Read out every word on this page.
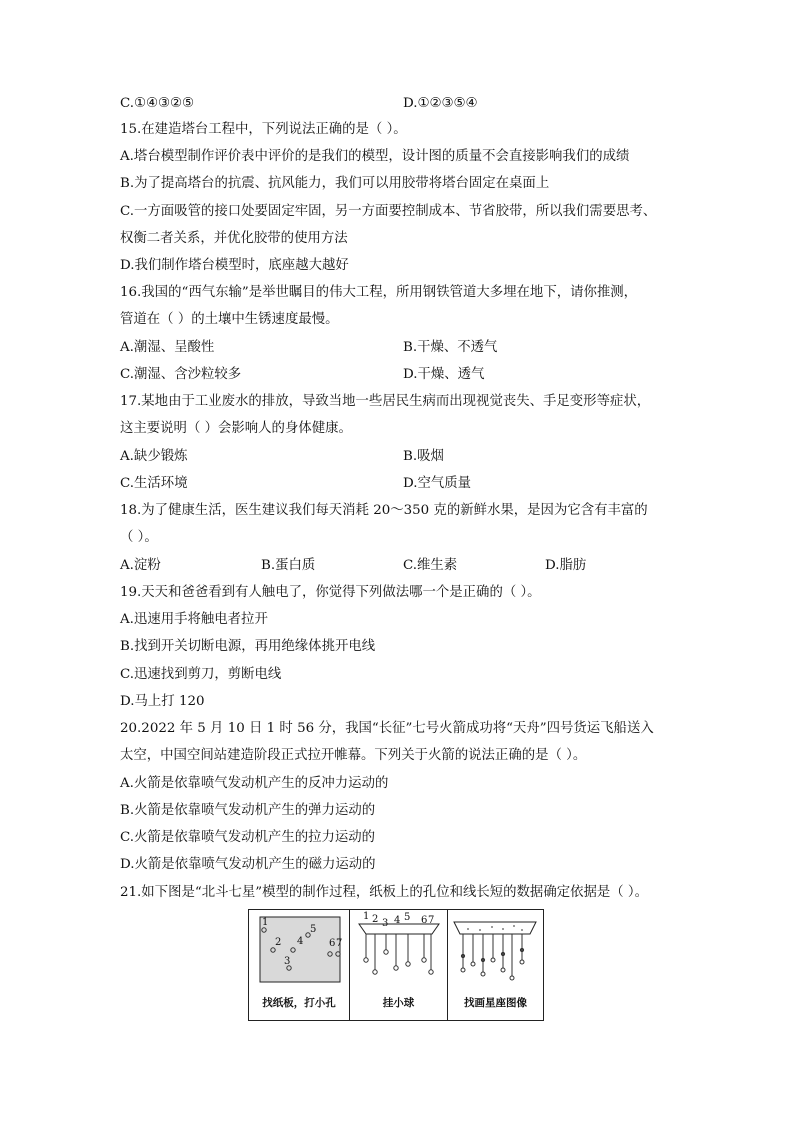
C.①④③②⑤	D.①②③⑤④
15.在建造塔台工程中，下列说法正确的是（ ）。
A.塔台模型制作评价表中评价的是我们的模型，设计图的质量不会直接影响我们的成绩
B.为了提高塔台的抗震、抗风能力，我们可以用胶带将塔台固定在桌面上
C.一方面吸管的接口处要固定牢固，另一方面要控制成本、节省胶带，所以我们需要思考、
权衡二者关系，并优化胶带的使用方法
D.我们制作塔台模型时，底座越大越好
16.我国的“西气东输”是举世瞩目的伟大工程，所用钢铁管道大多埋在地下，请你推测，
管道在（ ）的土壤中生锈速度最慢。
A.潮湿、呈酸性	B.干燥、不透气
C.潮湿、含沙粒较多	D.干燥、透气
17.某地由于工业废水的排放，导致当地一些居民生病而出现视觉丧失、手足变形等症状，
这主要说明（ ）会影响人的身体健康。
A.缺少锻炼	B.吸烟
C.生活环境	D.空气质量
18.为了健康生活，医生建议我们每天消耗 20～350 克的新鲜水果，是因为它含有丰富的
（ ）。
A.淀粉	B.蛋白质	C.维生素	D.脂肪
19.天天和爸爸看到有人触电了，你觉得下列做法哪一个是正确的（ ）。
A.迅速用手将触电者拉开
B.找到开关切断电源，再用绝缘体挑开电线
C.迅速找到剪刀，剪断电线
D.马上打 120
20.2022 年 5 月 10 日 1 时 56 分，我国“长征”七号火箭成功将“天舟”四号货运飞船送入
太空，中国空间站建造阶段正式拉开帷幕。下列关于火箭的说法正确的是（ ）。
A.火箭是依靠喷气发动机产生的反冲力运动的
B.火箭是依靠喷气发动机产生的弹力运动的
C.火箭是依靠喷气发动机产生的拉力运动的
D.火箭是依靠喷气发动机产生的磁力运动的
21.如下图是“北斗七星”模型的制作过程，纸板上的孔位和线长短的数据确定依据是（ ）。
1
2
3
4
5
6 7
找纸板，打小孔
1 2 3 4 5 6 7
挂小球	找画星座图像
